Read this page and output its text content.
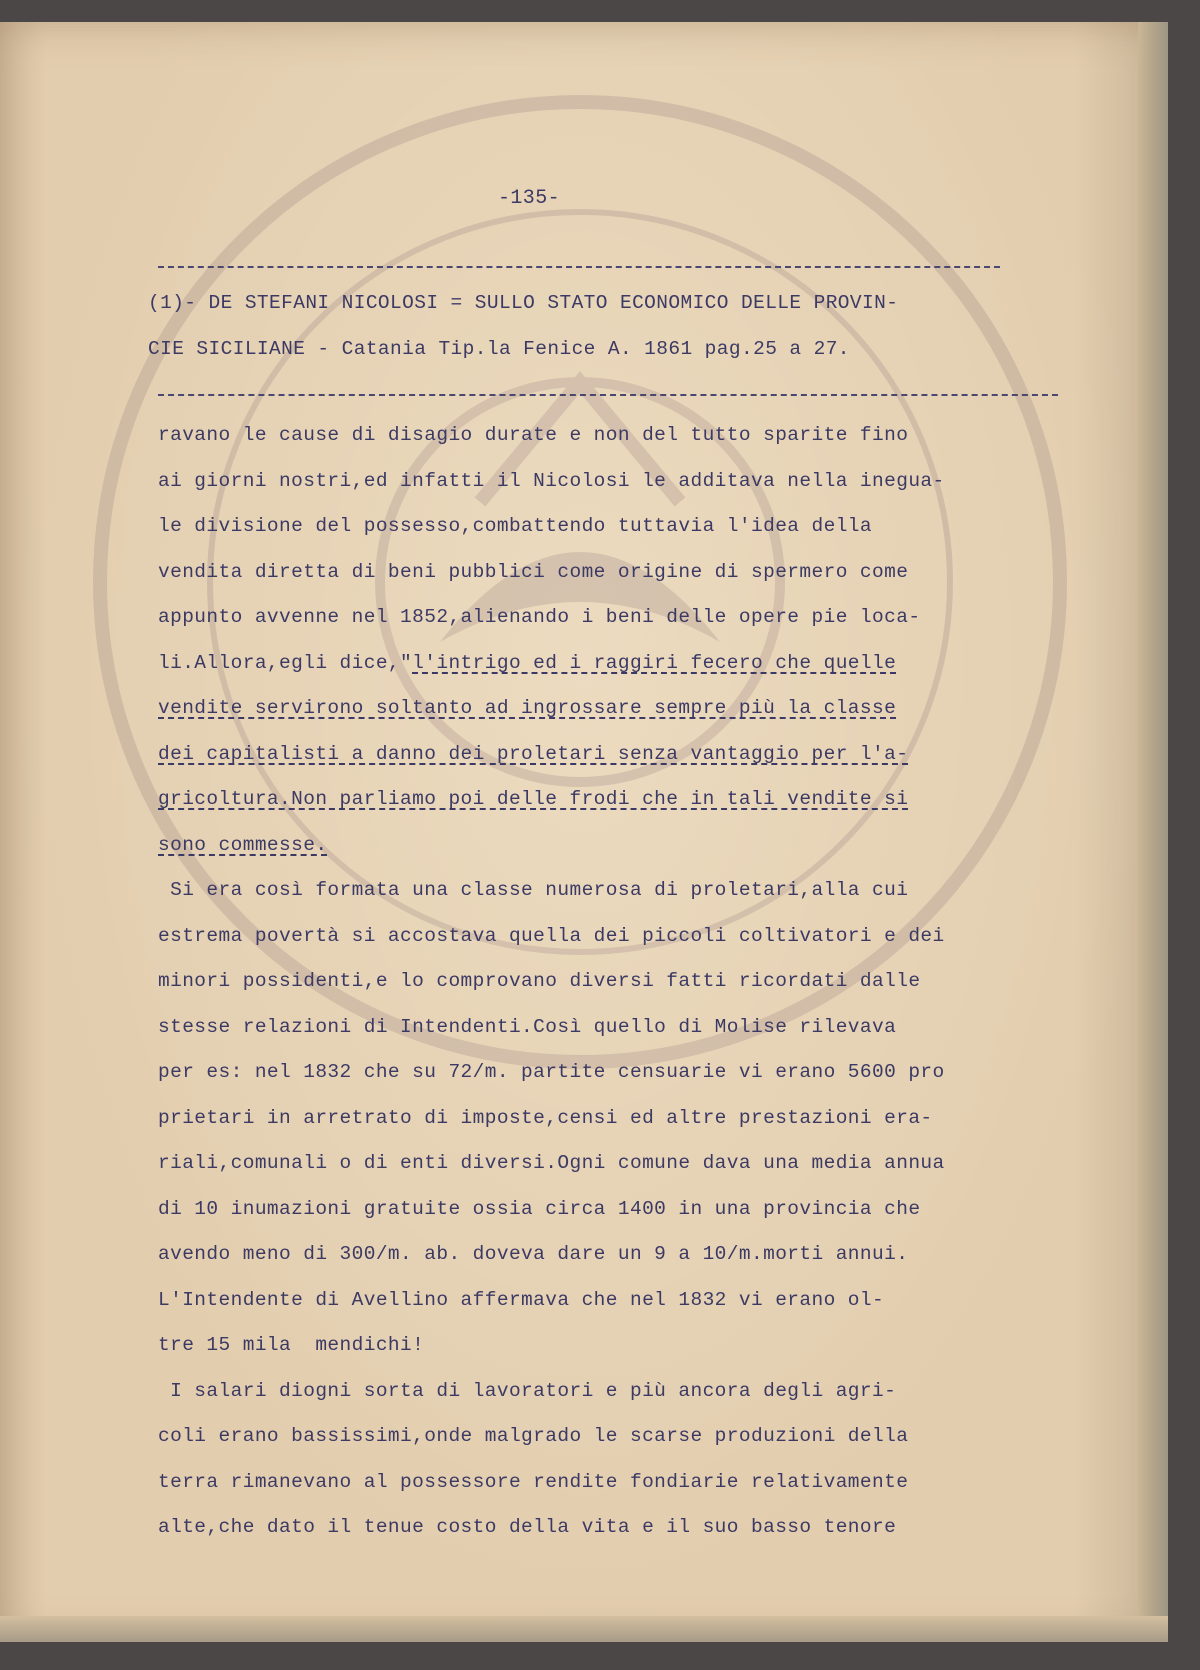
-135-
(1)- DE STEFANI NICOLOSI = SULLO STATO ECONOMICO DELLE PROVIN-
CIE SICILIANE - Catania Tip.la Fenice A. 1861 pag.25 a 27.
ravano le cause di disagio durate e non del tutto sparite fino
ai giorni nostri,ed infatti il Nicolosi le additava nella inegua-
le divisione del possesso,combattendo tuttavia l'idea della
vendita diretta di beni pubblici come origine di spermero come
appunto avvenne nel 1852,alienando i beni delle opere pie loca-
li.Allora,egli dice,"l'intrigo ed i raggiri fecero che quelle
vendite servirono soltanto ad ingrossare sempre più la classe
dei capitalisti a danno dei proletari senza vantaggio per l'a-
gricoltura.Non parliamo poi delle frodi che in tali vendite si
sono commesse.
Si era così formata una classe numerosa di proletari,alla cui
estrema povertà si accostava quella dei piccoli coltivatori e dei
minori possidenti,e lo comprovano diversi fatti ricordati dalle
stesse relazioni di Intendenti.Così quello di Molise rilevava
per es: nel 1832 che su 72/m. partite censuarie vi erano 5600 pro
prietari in arretrato di imposte,censi ed altre prestazioni era-
riali,comunali o di enti diversi.Ogni comune dava una media annua
di 10 inumazioni gratuite ossia circa 1400 in una provincia che
avendo meno di 300/m. ab. doveva dare un 9 a 10/m.morti annui.
L'Intendente di Avellino affermava che nel 1832 vi erano ol-
tre 15 mila  mendichi!
I salari diogni sorta di lavoratori e più ancora degli agri-
coli erano bassissimi,onde malgrado le scarse produzioni della
terra rimanevano al possessore rendite fondiarie relativamente
alte,che dato il tenue costo della vita e il suo basso tenore
